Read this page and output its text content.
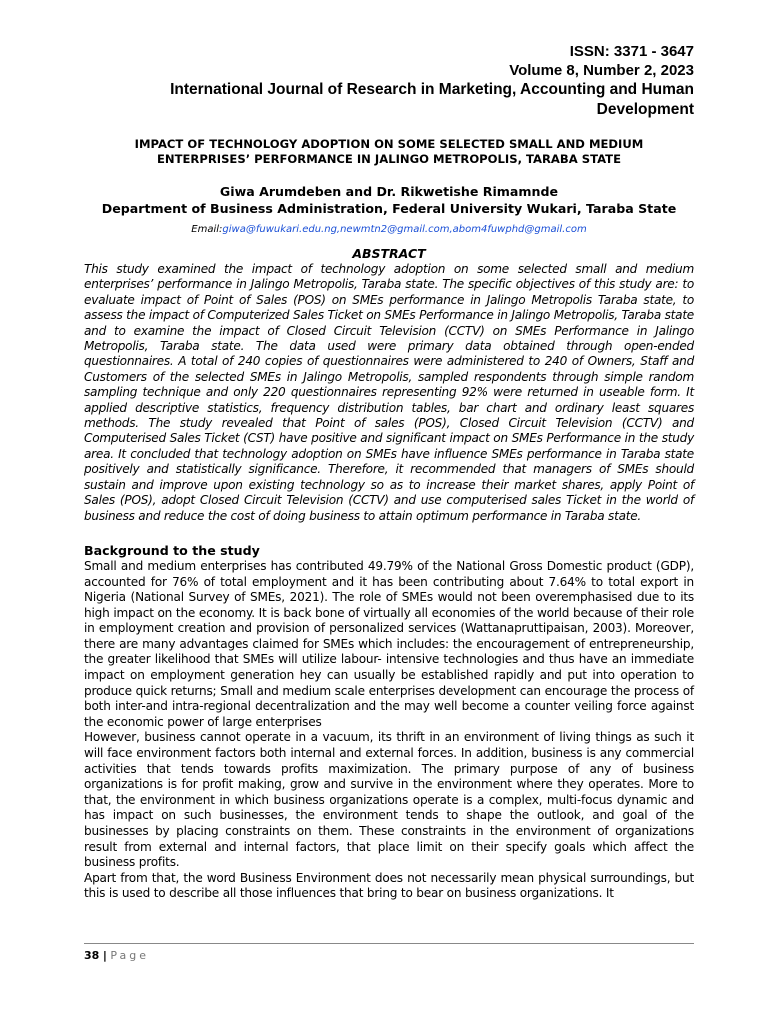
ISSN: 3371 - 3647
Volume 8, Number 2, 2023
International Journal of Research in Marketing, Accounting and Human Development
IMPACT OF TECHNOLOGY ADOPTION ON SOME SELECTED SMALL AND MEDIUM
ENTERPRISES’ PERFORMANCE IN JALINGO METROPOLIS, TARABA STATE
Giwa Arumdeben and Dr. Rikwetishe Rimamnde
Department of Business Administration, Federal University Wukari, Taraba State
Email:giwa@fuwukari.edu.ng,newmtn2@gmail.com,abom4fuwphd@gmail.com
ABSTRACT

This study examined the impact of technology adoption on some selected small and medium enterprises’ performance in Jalingo Metropolis, Taraba state. The specific objectives of this study are: to evaluate impact of Point of Sales (POS) on SMEs performance in Jalingo Metropolis Taraba state, to assess the impact of Computerized Sales Ticket on SMEs Performance in Jalingo Metropolis, Taraba state and to examine the impact of Closed Circuit Television (CCTV) on SMEs Performance in Jalingo Metropolis, Taraba state. The data used were primary data obtained through open-ended questionnaires. A total of 240 copies of questionnaires were administered to 240 of Owners, Staff and Customers of the selected SMEs in Jalingo Metropolis, sampled respondents through simple random sampling technique and only 220 questionnaires representing 92% were returned in useable form. It applied descriptive statistics, frequency distribution tables, bar chart and ordinary least squares methods. The study revealed that Point of sales (POS), Closed Circuit Television (CCTV) and Computerised Sales Ticket (CST) have positive and significant impact on SMEs Performance in the study area. It concluded that technology adoption on SMEs have influence SMEs performance in Taraba state positively and statistically significance. Therefore, it recommended that managers of SMEs should sustain and improve upon existing technology so as to increase their market shares, apply Point of Sales (POS), adopt Closed Circuit Television (CCTV) and use computerised sales Ticket in the world of business and reduce the cost of doing business to attain optimum performance in Taraba state.

Background to the study

Small and medium enterprises has contributed 49.79% of the National Gross Domestic product (GDP), accounted for 76% of total employment and it has been contributing about 7.64% to total export in Nigeria (National Survey of SMEs, 2021). The role of SMEs would not been overemphasised due to its high impact on the economy. It is back bone of virtually all economies of the world because of their role in employment creation and provision of personalized services (Wattanapruttipaisan, 2003). Moreover, there are many advantages claimed for SMEs which includes: the encouragement of entrepreneurship, the greater likelihood that SMEs will utilize labour- intensive technologies and thus have an immediate impact on employment generation hey can usually be established rapidly and put into operation to produce quick returns; Small and medium scale enterprises development can encourage the process of both inter-and intra-regional decentralization and the may well become a counter veiling force against the economic power of large enterprises

However, business cannot operate in a vacuum, its thrift in an environment of living things as such it will face environment factors both internal and external forces. In addition, business is any commercial activities that tends towards profits maximization. The primary purpose of any of business organizations is for profit making, grow and survive in the environment where they operates. More to that, the environment in which business organizations operate is a complex, multi-focus dynamic and has impact on such businesses, the environment tends to shape the outlook, and goal of the businesses by placing constraints on them. These constraints in the environment of organizations result from external and internal factors, that place limit on their specify goals which affect the business profits.

Apart from that, the word Business Environment does not necessarily mean physical surroundings, but this is used to describe all those influences that bring to bear on business organizations. It

38 | Page
